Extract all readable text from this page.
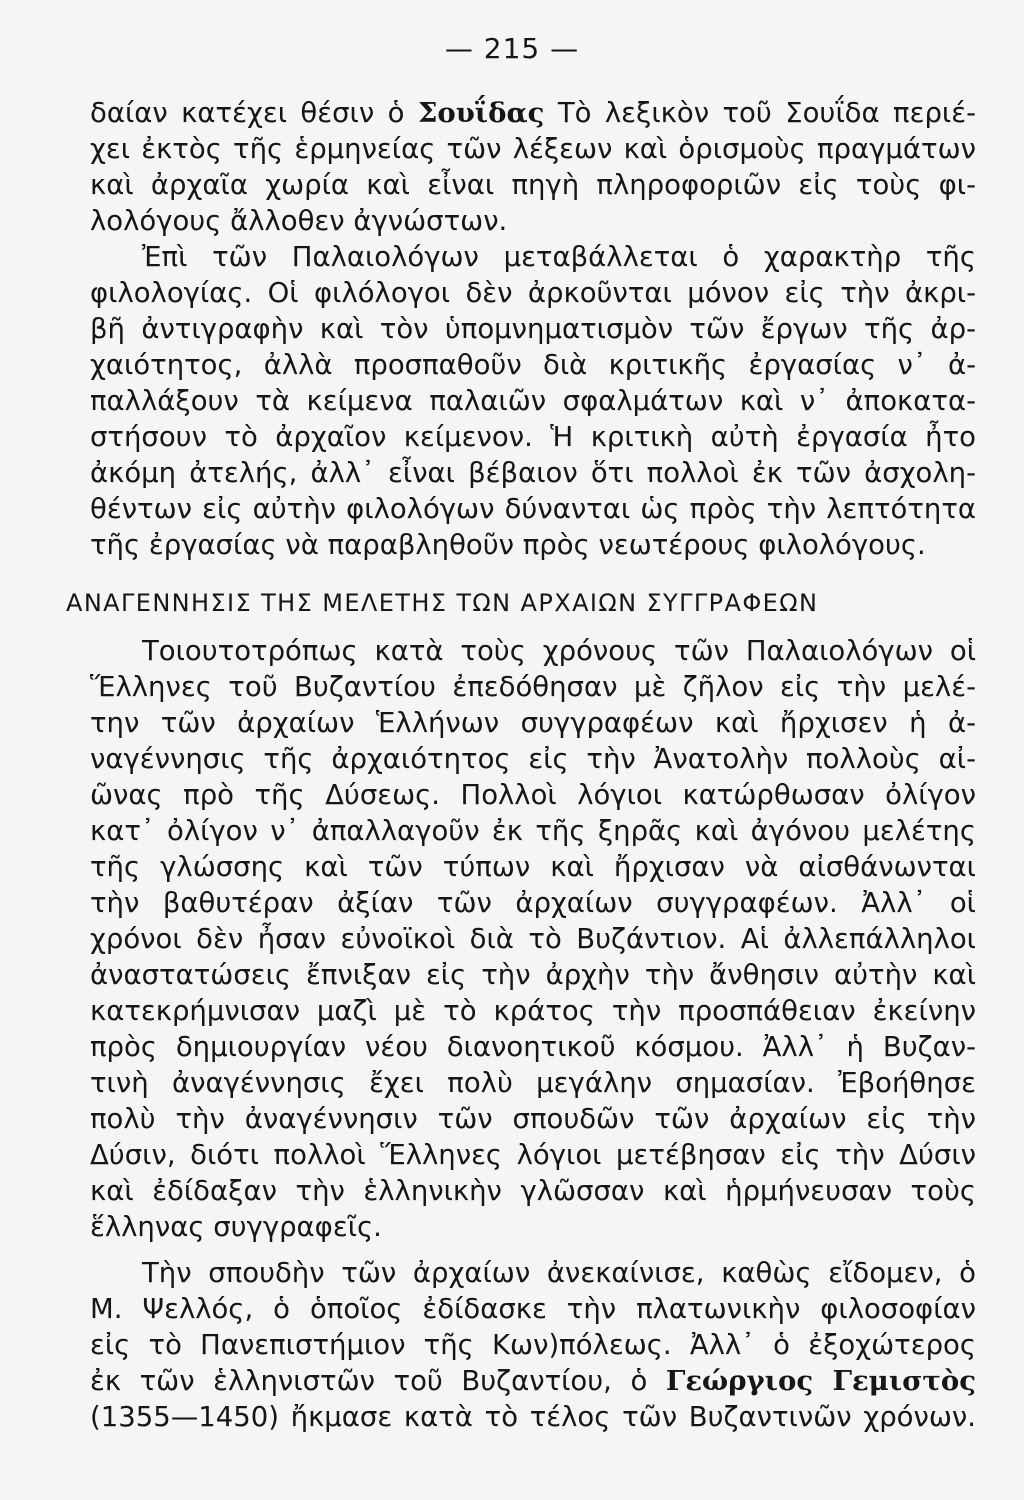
— 215 —
δαίαν κατέχει θέσιν ὁ Σουΐδας Τὸ λεξικὸν τοῦ Σουΐδα περιέ-
χει ἐκτὸς τῆς ἑρμηνείας τῶν λέξεων καὶ ὁρισμοὺς πραγμάτων
καὶ ἀρχαῖα χωρία καὶ εἶναι πηγὴ πληροφοριῶν εἰς τοὺς φι-
λολόγους ἄλλοθεν ἀγνώστων.
Ἐπὶ τῶν Παλαιολόγων μεταβάλλεται ὁ χαρακτὴρ τῆς
φιλολογίας. Οἱ φιλόλογοι δὲν ἀρκοῦνται μόνον εἰς τὴν ἀκρι-
βῆ ἀντιγραφὴν καὶ τὸν ὑπομνηματισμὸν τῶν ἔργων τῆς ἀρ-
χαιότητος, ἀλλὰ προσπαθοῦν διὰ κριτικῆς ἐργασίας ν᾽ ἀ-
παλλάξουν τὰ κείμενα παλαιῶν σφαλμάτων καὶ ν᾽ ἀποκατα-
στήσουν τὸ ἀρχαῖον κείμενον. Ἡ κριτικὴ αὐτὴ ἐργασία ἦτο
ἀκόμη ἀτελής, ἀλλ᾽ εἶναι βέβαιον ὅτι πολλοὶ ἐκ τῶν ἀσχολη-
θέντων εἰς αὐτὴν φιλολόγων δύνανται ὡς πρὸς τὴν λεπτότητα
τῆς ἐργασίας νὰ παραβληθοῦν πρὸς νεωτέρους φιλολόγους.
ΑΝΑΓΕΝΝΗΣΙΣ ΤΗΣ ΜΕΛΕΤΗΣ ΤΩΝ ΑΡΧΑΙΩΝ ΣΥΓΓΡΑΦΕΩΝ
Τοιουτοτρόπως κατὰ τοὺς χρόνους τῶν Παλαιολόγων οἱ
Ἕλληνες τοῦ Βυζαντίου ἐπεδόθησαν μὲ ζῆλον εἰς τὴν μελέ-
την τῶν ἀρχαίων Ἑλλήνων συγγραφέων καὶ ἤρχισεν ἡ ἀ-
ναγέννησις τῆς ἀρχαιότητος εἰς τὴν Ἀνατολὴν πολλοὺς αἰ-
ῶνας πρὸ τῆς Δύσεως. Πολλοὶ λόγιοι κατώρθωσαν ὀλίγον
κατ᾽ ὀλίγον ν᾽ ἀπαλλαγοῦν ἐκ τῆς ξηρᾶς καὶ ἀγόνου μελέτης
τῆς γλώσσης καὶ τῶν τύπων καὶ ἤρχισαν νὰ αἰσθάνωνται
τὴν βαθυτέραν ἀξίαν τῶν ἀρχαίων συγγραφέων. Ἀλλ᾽ οἱ
χρόνοι δὲν ἦσαν εὐνοϊκοὶ διὰ τὸ Βυζάντιον. Αἱ ἀλλεπάλληλοι
ἀναστατώσεις ἔπνιξαν εἰς τὴν ἀρχὴν τὴν ἄνθησιν αὐτὴν καὶ
κατεκρήμνισαν μαζὶ μὲ τὸ κράτος τὴν προσπάθειαν ἐκείνην
πρὸς δημιουργίαν νέου διανοητικοῦ κόσμου. Ἀλλ᾽ ἡ Βυζαν-
τινὴ ἀναγέννησις ἔχει πολὺ μεγάλην σημασίαν. Ἐβοήθησε
πολὺ τὴν ἀναγέννησιν τῶν σπουδῶν τῶν ἀρχαίων εἰς τὴν
Δύσιν, διότι πολλοὶ Ἕλληνες λόγιοι μετέβησαν εἰς τὴν Δύσιν
καὶ ἐδίδαξαν τὴν ἑλληνικὴν γλῶσσαν καὶ ἡρμήνευσαν τοὺς
ἕλληνας συγγραφεῖς.
Τὴν σπουδὴν τῶν ἀρχαίων ἀνεκαίνισε, καθὼς εἴδομεν, ὁ
Μ. Ψελλός, ὁ ὁποῖος ἐδίδασκε τὴν πλατωνικὴν φιλοσοφίαν
εἰς τὸ Πανεπιστήμιον τῆς Κων)πόλεως. Ἀλλ᾽ ὁ ἐξοχώτερος
ἐκ τῶν ἑλληνιστῶν τοῦ Βυζαντίου, ὁ Γεώργιος Γεμιστὸς
(1355—1450) ἤκμασε κατὰ τὸ τέλος τῶν Βυζαντινῶν χρόνων.
